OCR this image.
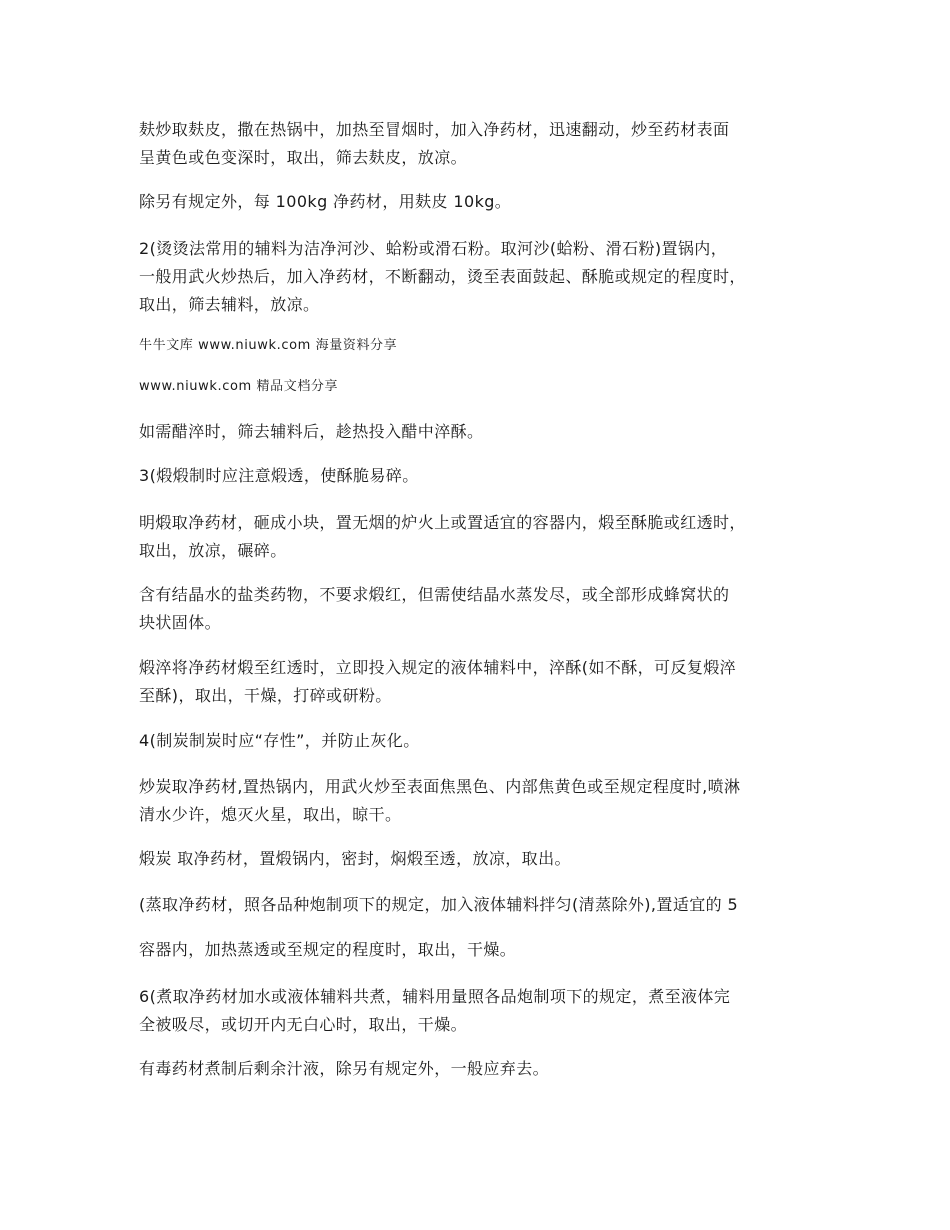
麸炒取麸皮，撒在热锅中，加热至冒烟时，加入净药材，迅速翻动，炒至药材表面
呈黄色或色变深时，取出，筛去麸皮，放凉。

除另有规定外，每 100kg 净药材，用麸皮 10kg。

2(烫烫法常用的辅料为洁净河沙、蛤粉或滑石粉。取河沙(蛤粉、滑石粉)置锅内，
一般用武火炒热后，加入净药材，不断翻动，烫至表面鼓起、酥脆或规定的程度时，
取出，筛去辅料，放凉。

牛牛文库 www.niuwk.com 海量资料分享

www.niuwk.com 精品文档分享

如需醋淬时，筛去辅料后，趁热投入醋中淬酥。

3(煅煅制时应注意煅透，使酥脆易碎。

明煅取净药材，砸成小块，置无烟的炉火上或置适宜的容器内，煅至酥脆或红透时，
取出，放凉，碾碎。

含有结晶水的盐类药物，不要求煅红，但需使结晶水蒸发尽，或全部形成蜂窝状的
块状固体。

煅淬将净药材煅至红透时，立即投入规定的液体辅料中，淬酥(如不酥，可反复煅淬
至酥)，取出，干燥，打碎或研粉。

4(制炭制炭时应“存性”，并防止灰化。

炒炭取净药材,置热锅内，用武火炒至表面焦黑色、内部焦黄色或至规定程度时,喷淋
清水少许，熄灭火星，取出，晾干。

煅炭 取净药材，置煅锅内，密封，焖煅至透，放凉，取出。

(蒸取净药材，照各品种炮制项下的规定，加入液体辅料拌匀(清蒸除外),置适宜的 5

容器内，加热蒸透或至规定的程度时，取出，干燥。

6(煮取净药材加水或液体辅料共煮，辅料用量照各品炮制项下的规定，煮至液体完
全被吸尽，或切开内无白心时，取出，干燥。

有毒药材煮制后剩余汁液，除另有规定外，一般应弃去。
